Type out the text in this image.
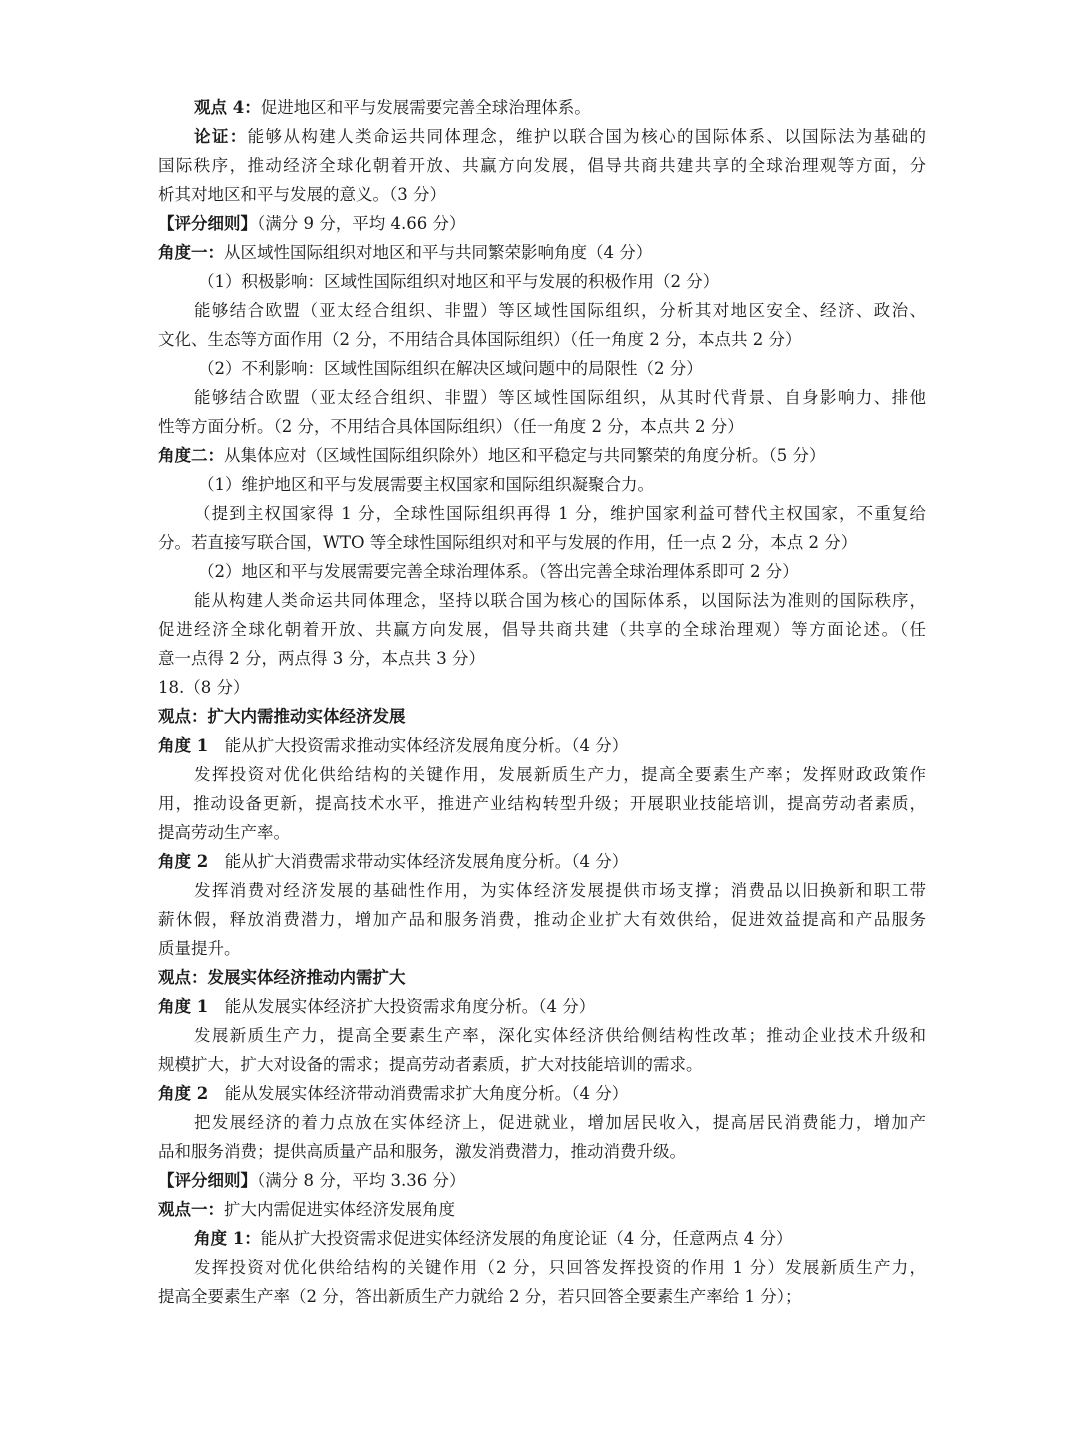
观点 4：促进地区和平与发展需要完善全球治理体系。
论证：能够从构建人类命运共同体理念，维护以联合国为核心的国际体系、以国际法为基础的
国际秩序，推动经济全球化朝着开放、共赢方向发展，倡导共商共建共享的全球治理观等方面，分
析其对地区和平与发展的意义。（3 分）
【评分细则】（满分 9 分，平均 4.66 分）
角度一：从区域性国际组织对地区和平与共同繁荣影响角度（4 分）
（1）积极影响：区域性国际组织对地区和平与发展的积极作用（2 分）
能够结合欧盟（亚太经合组织、非盟）等区域性国际组织，分析其对地区安全、经济、政治、
文化、生态等方面作用（2 分，不用结合具体国际组织）（任一角度 2 分，本点共 2 分）
（2）不利影响：区域性国际组织在解决区域问题中的局限性（2 分）
能够结合欧盟（亚太经合组织、非盟）等区域性国际组织，从其时代背景、自身影响力、排他
性等方面分析。（2 分，不用结合具体国际组织）（任一角度 2 分，本点共 2 分）
角度二：从集体应对（区域性国际组织除外）地区和平稳定与共同繁荣的角度分析。（5 分）
（1）维护地区和平与发展需要主权国家和国际组织凝聚合力。
（提到主权国家得 1 分，全球性国际组织再得 1 分，维护国家利益可替代主权国家，不重复给
分。若直接写联合国，WTO 等全球性国际组织对和平与发展的作用，任一点 2 分，本点 2 分）
（2）地区和平与发展需要完善全球治理体系。（答出完善全球治理体系即可 2 分）
能从构建人类命运共同体理念，坚持以联合国为核心的国际体系，以国际法为准则的国际秩序，
促进经济全球化朝着开放、共赢方向发展，倡导共商共建（共享的全球治理观）等方面论述。（任
意一点得 2 分，两点得 3 分，本点共 3 分）
18.（8 分）
观点：扩大内需推动实体经济发展
角度 1　能从扩大投资需求推动实体经济发展角度分析。（4 分）
发挥投资对优化供给结构的关键作用，发展新质生产力，提高全要素生产率；发挥财政政策作
用，推动设备更新，提高技术水平，推进产业结构转型升级；开展职业技能培训，提高劳动者素质，
提高劳动生产率。
角度 2　能从扩大消费需求带动实体经济发展角度分析。（4 分）
发挥消费对经济发展的基础性作用，为实体经济发展提供市场支撑；消费品以旧换新和职工带
薪休假，释放消费潜力，增加产品和服务消费，推动企业扩大有效供给，促进效益提高和产品服务
质量提升。
观点：发展实体经济推动内需扩大
角度 1　能从发展实体经济扩大投资需求角度分析。（4 分）
发展新质生产力，提高全要素生产率，深化实体经济供给侧结构性改革；推动企业技术升级和
规模扩大，扩大对设备的需求；提高劳动者素质，扩大对技能培训的需求。
角度 2　能从发展实体经济带动消费需求扩大角度分析。（4 分）
把发展经济的着力点放在实体经济上，促进就业，增加居民收入，提高居民消费能力，增加产
品和服务消费；提供高质量产品和服务，激发消费潜力，推动消费升级。
【评分细则】（满分 8 分，平均 3.36 分）
观点一：扩大内需促进实体经济发展角度
角度 1：能从扩大投资需求促进实体经济发展的角度论证（4 分，任意两点 4 分）
发挥投资对优化供给结构的关键作用（2 分，只回答发挥投资的作用 1 分）发展新质生产力，
提高全要素生产率（2 分，答出新质生产力就给 2 分，若只回答全要素生产率给 1 分）；
